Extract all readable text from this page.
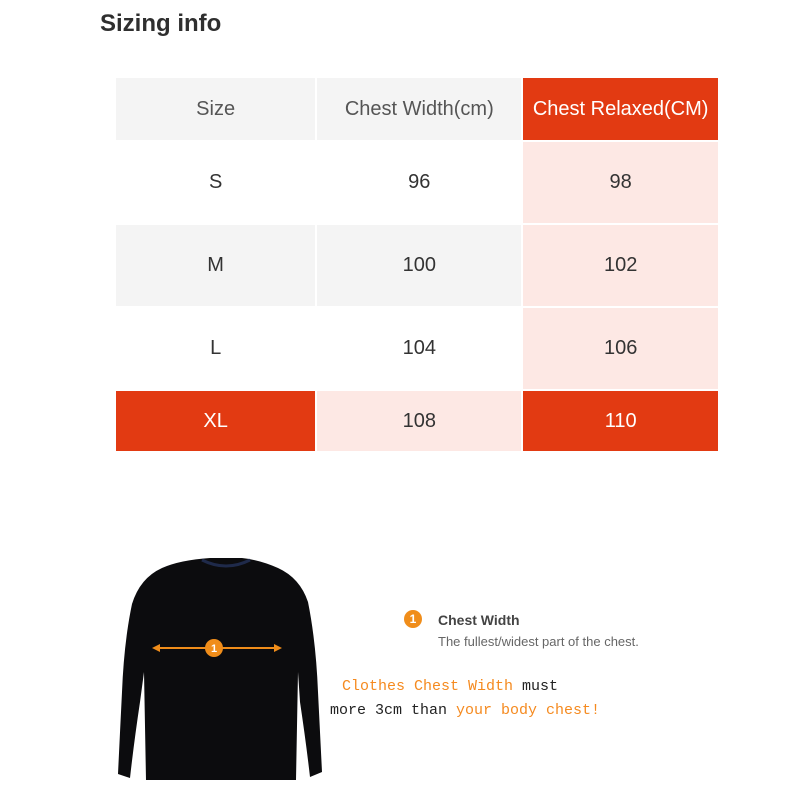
Sizing info
Size	Chest Width(cm)	Chest Relaxed(CM)
S	96	98
M	100	102
L	104	106
XL	108	110
1
1 Chest Width
The fullest/widest part of the chest.
Clothes Chest Width must
more 3cm than your body chest!
